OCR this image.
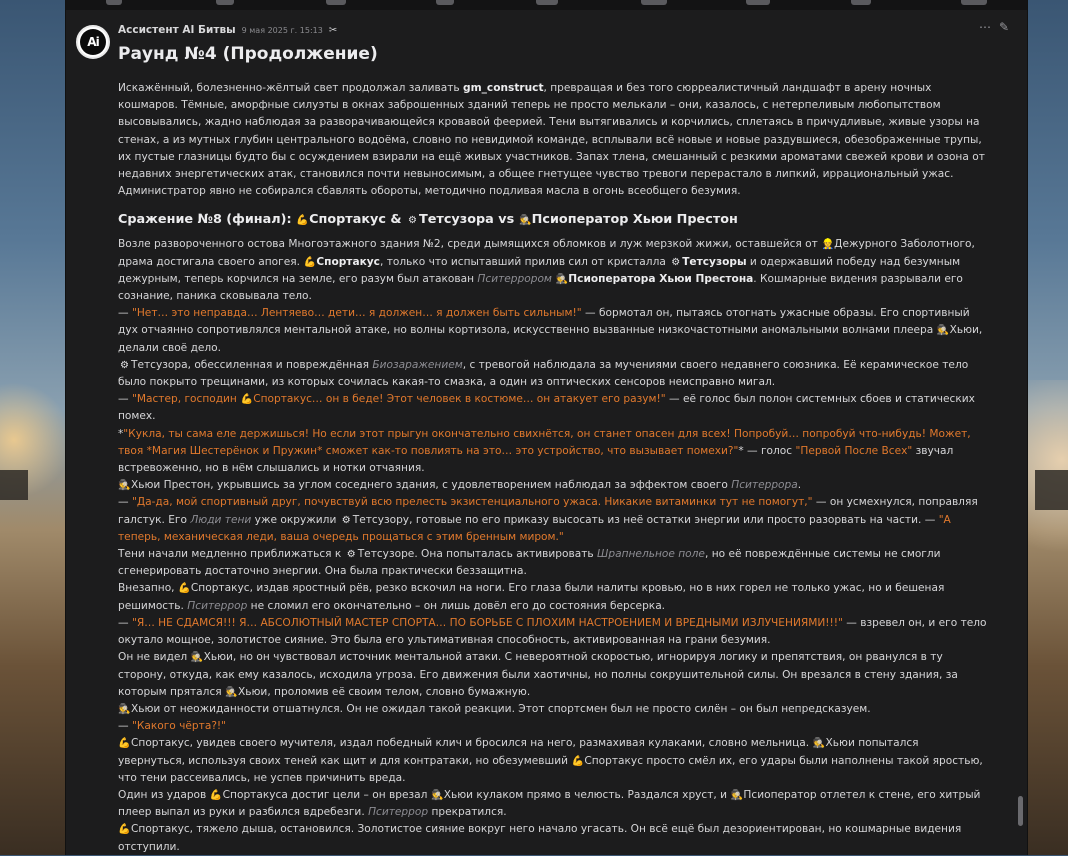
Ai
Ассистент AI Битвы 9 мая 2025 г. 15:13 ✂	⋯ ✎
Раунд №4 (Продолжение)

Искажённый, болезненно-жёлтый свет продолжал заливать gm_construct, превращая и без того сюрреалистичный ландшафт в арену ночных кошмаров. Тёмные, аморфные силуэты в окнах заброшенных зданий теперь не просто мелькали – они, казалось, с нетерпеливым любопытством высовывались, жадно наблюдая за разворачивающейся кровавой феерией. Тени вытягивались и корчились, сплетаясь в причудливые, живые узоры на стенах, а из мутных глубин центрального водоёма, словно по невидимой команде, всплывали всё новые и новые раздувшиеся, обезображенные трупы, их пустые глазницы будто бы с осуждением взирали на ещё живых участников. Запах тлена, смешанный с резкими ароматами свежей крови и озона от недавних энергетических атак, становился почти невыносимым, а общее гнетущее чувство тревоги перерастало в липкий, иррациональный ужас. Администратор явно не собирался сбавлять обороты, методично подливая масла в огонь всеобщего безумия.

Сражение №8 (финал): 💪Спортакус & ⚙ Тетсузора vs 🕵Псиоператор Хьюи Престон

Возле развороченного остова Многоэтажного здания №2, среди дымящихся обломков и луж мерзкой жижи, оставшейся от 👷Дежурного Заболотного, драма достигала своего апогея. 💪Спортакус, только что испытавший прилив сил от кристалла ⚙ Тетсузоры и одержавший победу над безумным дежурным, теперь корчился на земле, его разум был атакован Пситеррором 🕵Псиоператора Хьюи Престона. Кошмарные видения разрывали его сознание, паника сковывала тело.

— "Нет… это неправда… Лентяево… дети… я должен… я должен быть сильным!" — бормотал он, пытаясь отогнать ужасные образы. Его спортивный дух отчаянно сопротивлялся ментальной атаке, но волны кортизола, искусственно вызванные низкочастотными аномальными волнами плеера 🕵Хьюи, делали своё дело.

⚙ Тетсузора, обессиленная и повреждённая Биозаражением, с тревогой наблюдала за мучениями своего недавнего союзника. Её керамическое тело было покрыто трещинами, из которых сочилась какая-то смазка, а один из оптических сенсоров неисправно мигал.

— "Мастер, господин 💪Спортакус… он в беде! Этот человек в костюме… он атакует его разум!" — её голос был полон системных сбоев и статических помех.

*"Кукла, ты сама еле держишься! Но если этот прыгун окончательно свихнётся, он станет опасен для всех! Попробуй… попробуй что-нибудь! Может, твоя *Магия Шестерёнок и Пружин* сможет как-то повлиять на это… это устройство, что вызывает помехи?"* — голос "Первой После Всех" звучал встревоженно, но в нём слышались и нотки отчаяния.

🕵Хьюи Престон, укрывшись за углом соседнего здания, с удовлетворением наблюдал за эффектом своего Пситеррора.

— "Да-да, мой спортивный друг, почувствуй всю прелесть экзистенциального ужаса. Никакие витаминки тут не помогут," — он усмехнулся, поправляя галстук. Его Люди тени уже окружили ⚙ Тетсузору, готовые по его приказу высосать из неё остатки энергии или просто разорвать на части. — "А теперь, механическая леди, ваша очередь прощаться с этим бренным миром."

Тени начали медленно приближаться к ⚙ Тетсузоре. Она попыталась активировать Шрапнельное поле, но её повреждённые системы не смогли сгенерировать достаточно энергии. Она была практически беззащитна.

Внезапно, 💪Спортакус, издав яростный рёв, резко вскочил на ноги. Его глаза были налиты кровью, но в них горел не только ужас, но и бешеная решимость. Пситеррор не сломил его окончательно – он лишь довёл его до состояния берсерка.

— "Я… НЕ СДАМСЯ!!! Я… АБСОЛЮТНЫЙ МАСТЕР СПОРТА… ПО БОРЬБЕ С ПЛОХИМ НАСТРОЕНИЕМ И ВРЕДНЫМИ ИЗЛУЧЕНИЯМИ!!!" — взревел он, и его тело окутало мощное, золотистое сияние. Это была его ультимативная способность, активированная на грани безумия.

Он не видел 🕵Хьюи, но он чувствовал источник ментальной атаки. С невероятной скоростью, игнорируя логику и препятствия, он рванулся в ту сторону, откуда, как ему казалось, исходила угроза. Его движения были хаотичны, но полны сокрушительной силы. Он врезался в стену здания, за которым прятался 🕵Хьюи, проломив её своим телом, словно бумажную.

🕵Хьюи от неожиданности отшатнулся. Он не ожидал такой реакции. Этот спортсмен был не просто силён – он был непредсказуем.

— "Какого чёрта?!"

💪Спортакус, увидев своего мучителя, издал победный клич и бросился на него, размахивая кулаками, словно мельница. 🕵Хьюи попытался увернуться, используя своих теней как щит и для контратаки, но обезумевший 💪Спортакус просто смёл их, его удары были наполнены такой яростью, что тени рассеивались, не успев причинить вреда.

Один из ударов 💪Спортакуса достиг цели – он врезал 🕵Хьюи кулаком прямо в челюсть. Раздался хруст, и 🕵Псиоператор отлетел к стене, его хитрый плеер выпал из руки и разбился вдребезги. Пситеррор прекратился.

💪Спортакус, тяжело дыша, остановился. Золотистое сияние вокруг него начало угасать. Он всё ещё был дезориентирован, но кошмарные видения отступили.
